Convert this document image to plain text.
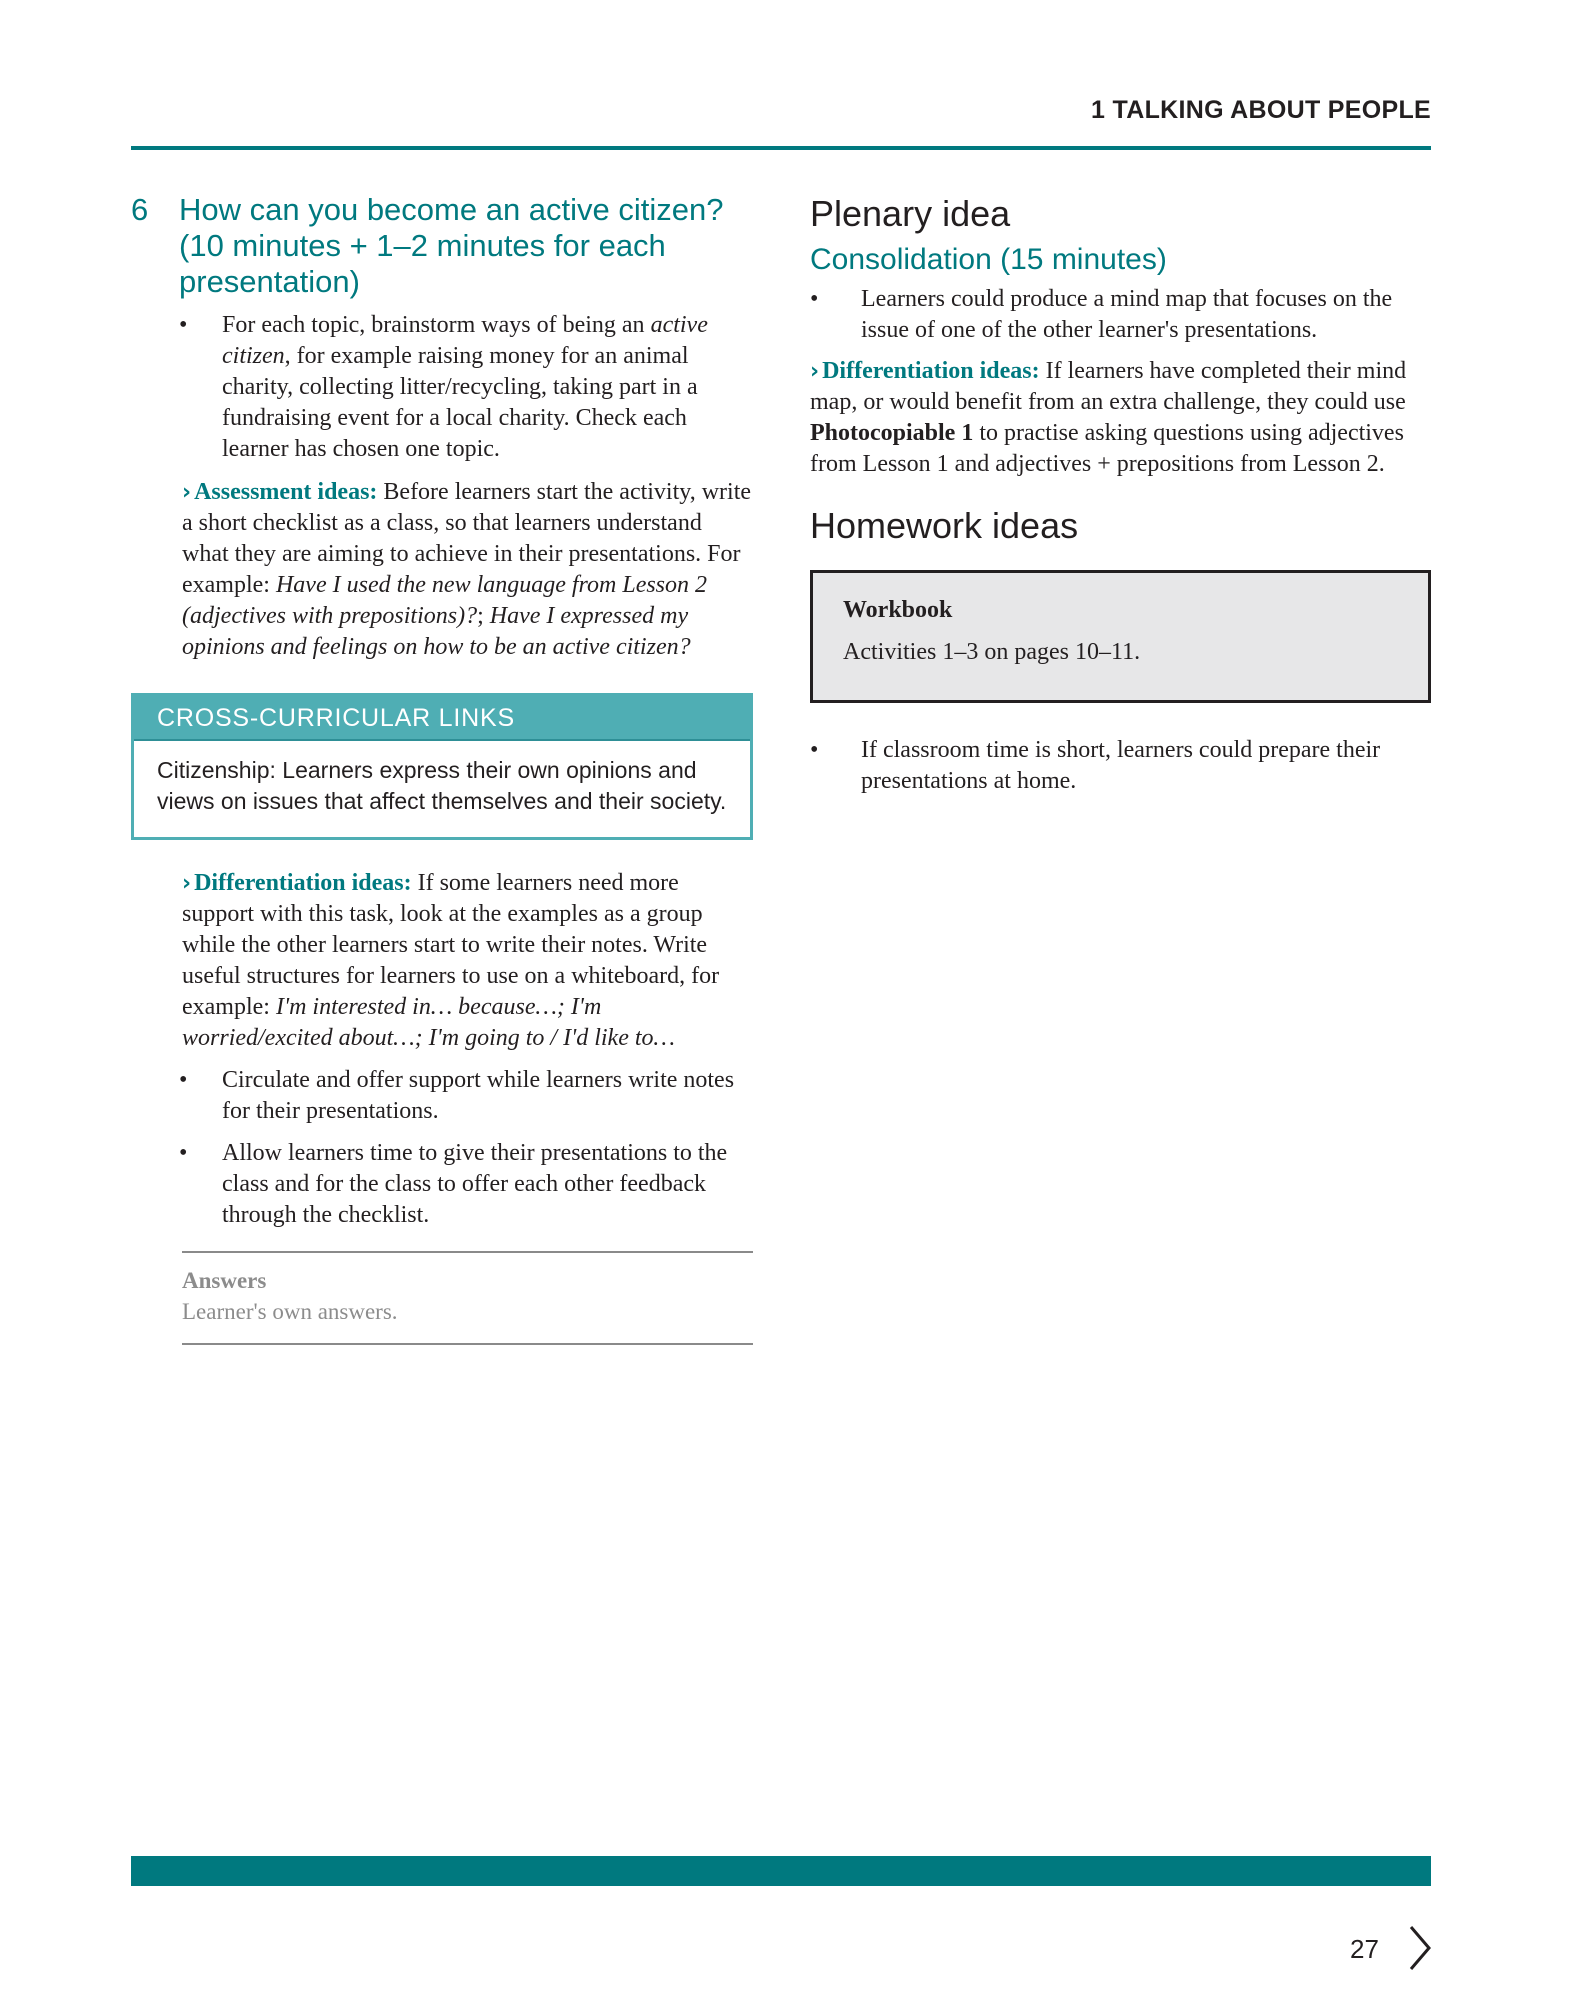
1 TALKING ABOUT PEOPLE
6 How can you become an active citizen? (10 minutes + 1–2 minutes for each presentation)
• For each topic, brainstorm ways of being an active citizen, for example raising money for an animal charity, collecting litter/recycling, taking part in a fundraising event for a local charity. Check each learner has chosen one topic.

› Assessment ideas: Before learners start the activity, write a short checklist as a class, so that learners understand what they are aiming to achieve in their presentations. For example: Have I used the new language from Lesson 2 (adjectives with prepositions)?; Have I expressed my opinions and feelings on how to be an active citizen?

CROSS-CURRICULAR LINKS
Citizenship: Learners express their own opinions and views on issues that affect themselves and their society.

› Differentiation ideas: If some learners need more support with this task, look at the examples as a group while the other learners start to write their notes. Write useful structures for learners to use on a whiteboard, for example: I'm interested in… because…; I'm worried/excited about…; I'm going to / I'd like to…

• Circulate and offer support while learners write notes for their presentations.
• Allow learners time to give their presentations to the class and for the class to offer each other feedback through the checklist.
Answers
Learner's own answers.
Plenary idea
Consolidation (15 minutes)
• Learners could produce a mind map that focuses on the issue of one of the other learner's presentations.

› Differentiation ideas: If learners have completed their mind map, or would benefit from an extra challenge, they could use Photocopiable 1 to practise asking questions using adjectives from Lesson 1 and adjectives + prepositions from Lesson 2.

Homework ideas
Workbook
Activities 1–3 on pages 10–11.
• If classroom time is short, learners could prepare their presentations at home.
27
